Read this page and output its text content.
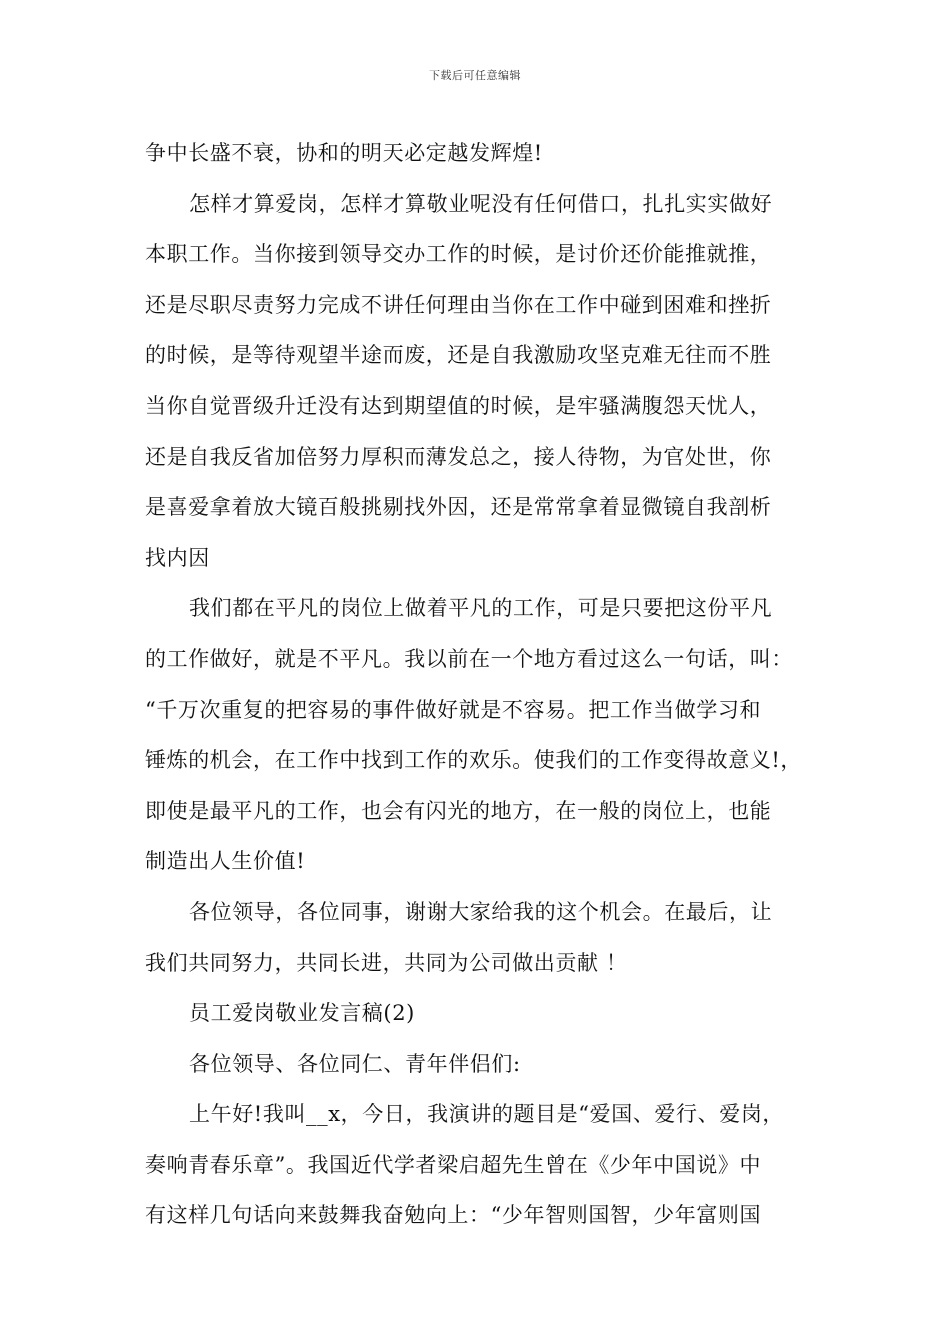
下载后可任意编辑
争中长盛不衰，协和的明天必定越发辉煌!
怎样才算爱岗，怎样才算敬业呢没有任何借口，扎扎实实做好
本职工作。当你接到领导交办工作的时候，是讨价还价能推就推，
还是尽职尽责努力完成不讲任何理由当你在工作中碰到困难和挫折
的时候，是等待观望半途而废，还是自我激励攻坚克难无往而不胜
当你自觉晋级升迁没有达到期望值的时候，是牢骚满腹怨天忧人，
还是自我反省加倍努力厚积而薄发总之，接人待物，为官处世，你
是喜爱拿着放大镜百般挑剔找外因，还是常常拿着显微镜自我剖析
找内因
我们都在平凡的岗位上做着平凡的工作，可是只要把这份平凡
的工作做好，就是不平凡。我以前在一个地方看过这么一句话，叫：
“千万次重复的把容易的事件做好就是不容易。把工作当做学习和
锤炼的机会，在工作中找到工作的欢乐。使我们的工作变得故意义!，
即使是最平凡的工作，也会有闪光的地方，在一般的岗位上，也能
制造出人生价值!
各位领导，各位同事，谢谢大家给我的这个机会。在最后，让
我们共同努力，共同长进，共同为公司做出贡献 ！
员工爱岗敬业发言稿(2)
各位领导、各位同仁、青年伴侣们:
上午好!我叫__x，今日，我演讲的题目是“爱国、爱行、爱岗，
奏响青春乐章”。我国近代学者梁启超先生曾在《少年中国说》中
有这样几句话向来鼓舞我奋勉向上：“少年智则国智，少年富则国
